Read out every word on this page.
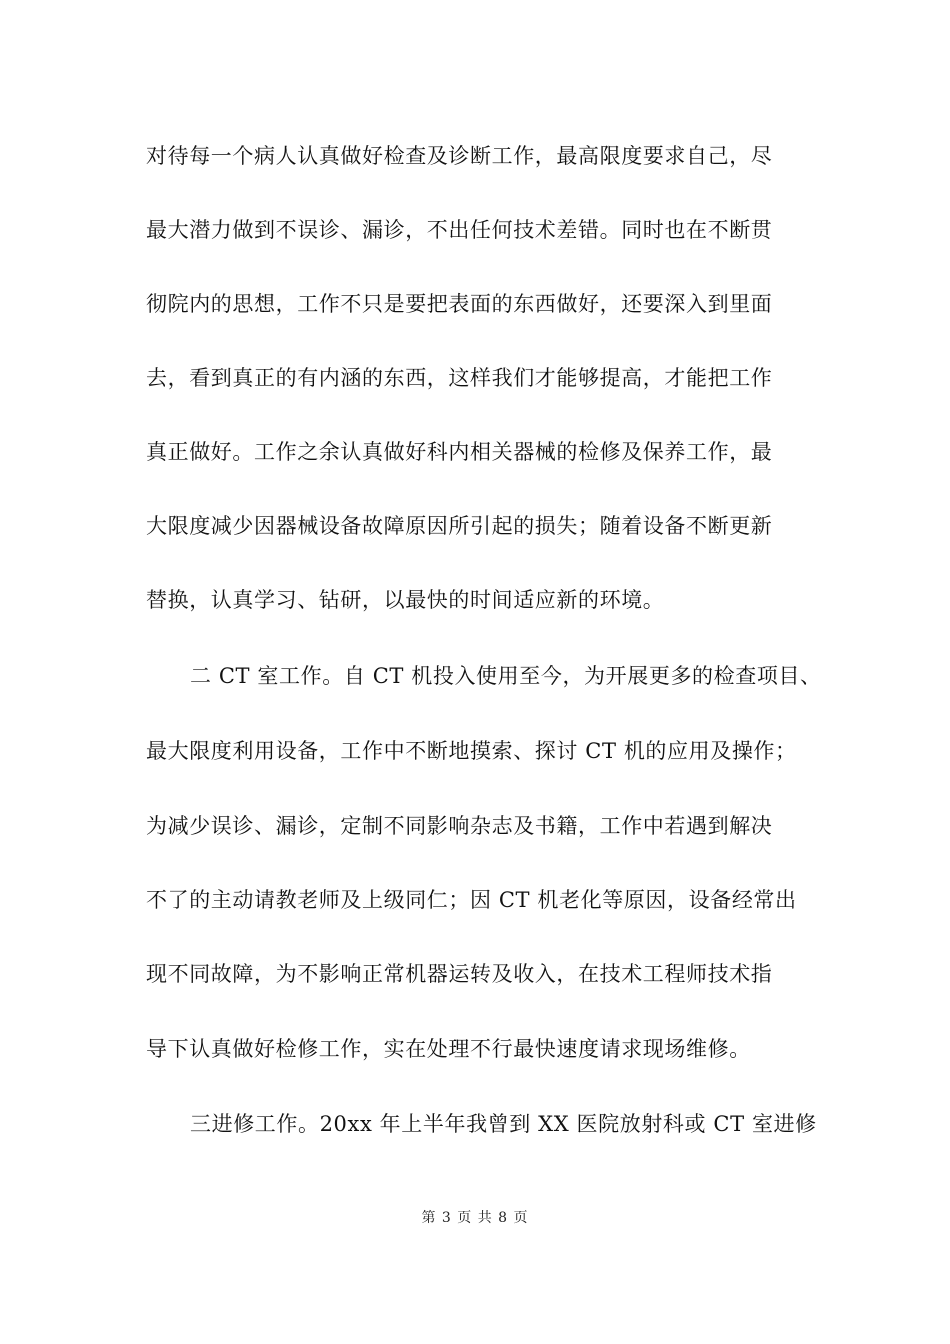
对待每一个病人认真做好检查及诊断工作，最高限度要求自己，尽
最大潜力做到不误诊、漏诊，不出任何技术差错。同时也在不断贯
彻院内的思想，工作不只是要把表面的东西做好，还要深入到里面
去，看到真正的有内涵的东西，这样我们才能够提高，才能把工作
真正做好。工作之余认真做好科内相关器械的检修及保养工作，最
大限度减少因器械设备故障原因所引起的损失；随着设备不断更新
替换，认真学习、钻研，以最快的时间适应新的环境。
二 CT 室工作。自 CT 机投入使用至今，为开展更多的检查项目、
最大限度利用设备，工作中不断地摸索、探讨 CT 机的应用及操作；
为减少误诊、漏诊，定制不同影响杂志及书籍，工作中若遇到解决
不了的主动请教老师及上级同仁；因 CT 机老化等原因，设备经常出
现不同故障，为不影响正常机器运转及收入，在技术工程师技术指
导下认真做好检修工作，实在处理不行最快速度请求现场维修。
三进修工作。20xx 年上半年我曾到 XX 医院放射科或 CT 室进修
第 3 页 共 8 页
